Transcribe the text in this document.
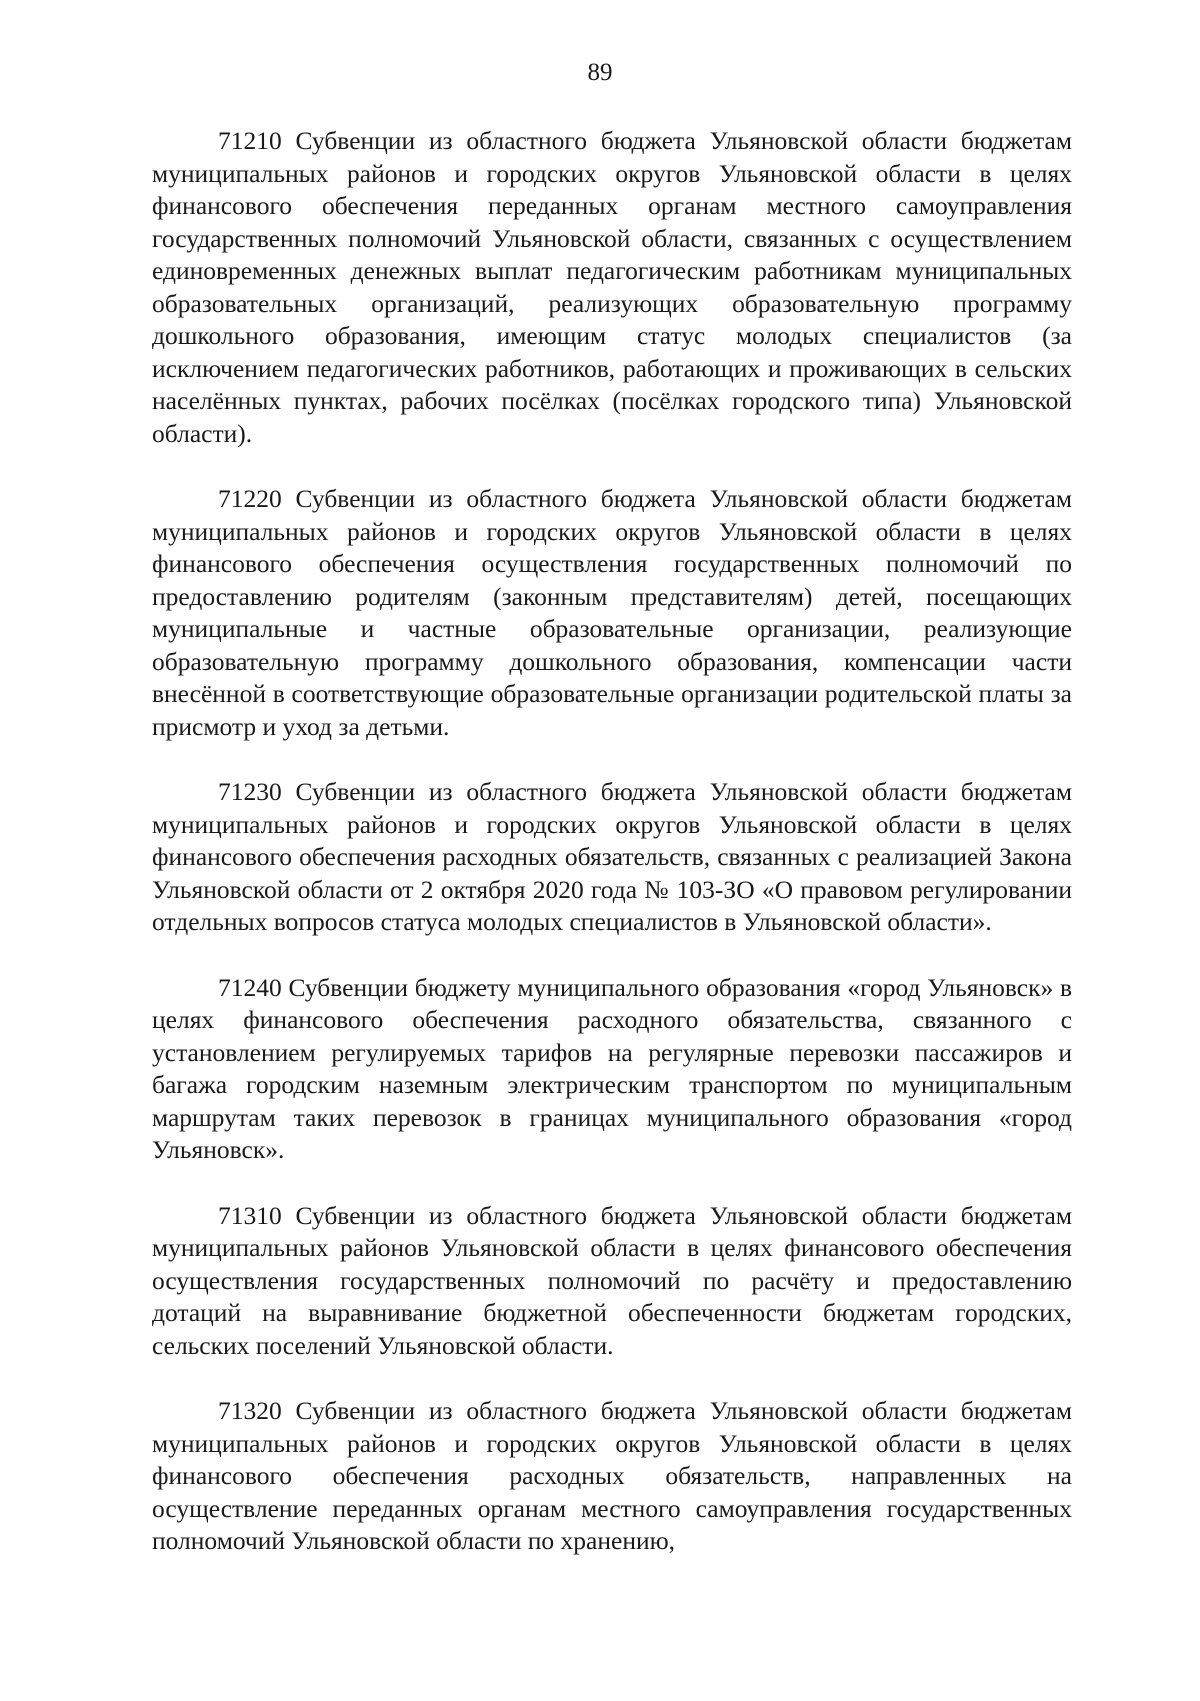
89

71210 Субвенции из областного бюджета Ульяновской области бюджетам муниципальных районов и городских округов Ульяновской области в целях финансового обеспечения переданных органам местного самоуправления государственных полномочий Ульяновской области, связанных с осуществлением единовременных денежных выплат педагогическим работникам муниципальных образовательных организаций, реализующих образовательную программу дошкольного образования, имеющим статус молодых специалистов (за исключением педагогических работников, работающих и проживающих в сельских населённых пунктах, рабочих посёлках (посёлках городского типа) Ульяновской области).

71220 Субвенции из областного бюджета Ульяновской области бюджетам муниципальных районов и городских округов Ульяновской области в целях финансового обеспечения осуществления государственных полномочий по предоставлению родителям (законным представителям) детей, посещающих муниципальные и частные образовательные организации, реализующие образовательную программу дошкольного образования, компенсации части внесённой в соответствующие образовательные организации родительской платы за присмотр и уход за детьми.

71230 Субвенции из областного бюджета Ульяновской области бюджетам муниципальных районов и городских округов Ульяновской области в целях финансового обеспечения расходных обязательств, связанных с реализацией Закона Ульяновской области от 2 октября 2020 года № 103-ЗО «О правовом регулировании отдельных вопросов статуса молодых специалистов в Ульяновской области».

71240 Субвенции бюджету муниципального образования «город Ульяновск» в целях финансового обеспечения расходного обязательства, связанного с установлением регулируемых тарифов на регулярные перевозки пассажиров и багажа городским наземным электрическим транспортом по муниципальным маршрутам таких перевозок в границах муниципального образования «город Ульяновск».

71310 Субвенции из областного бюджета Ульяновской области бюджетам муниципальных районов Ульяновской области в целях финансового обеспечения осуществления государственных полномочий по расчёту и предоставлению дотаций на выравнивание бюджетной обеспеченности бюджетам городских, сельских поселений Ульяновской области.

71320 Субвенции из областного бюджета Ульяновской области бюджетам муниципальных районов и городских округов Ульяновской области в целях финансового обеспечения расходных обязательств, направленных на осуществление переданных органам местного самоуправления государственных полномочий Ульяновской области по хранению,
